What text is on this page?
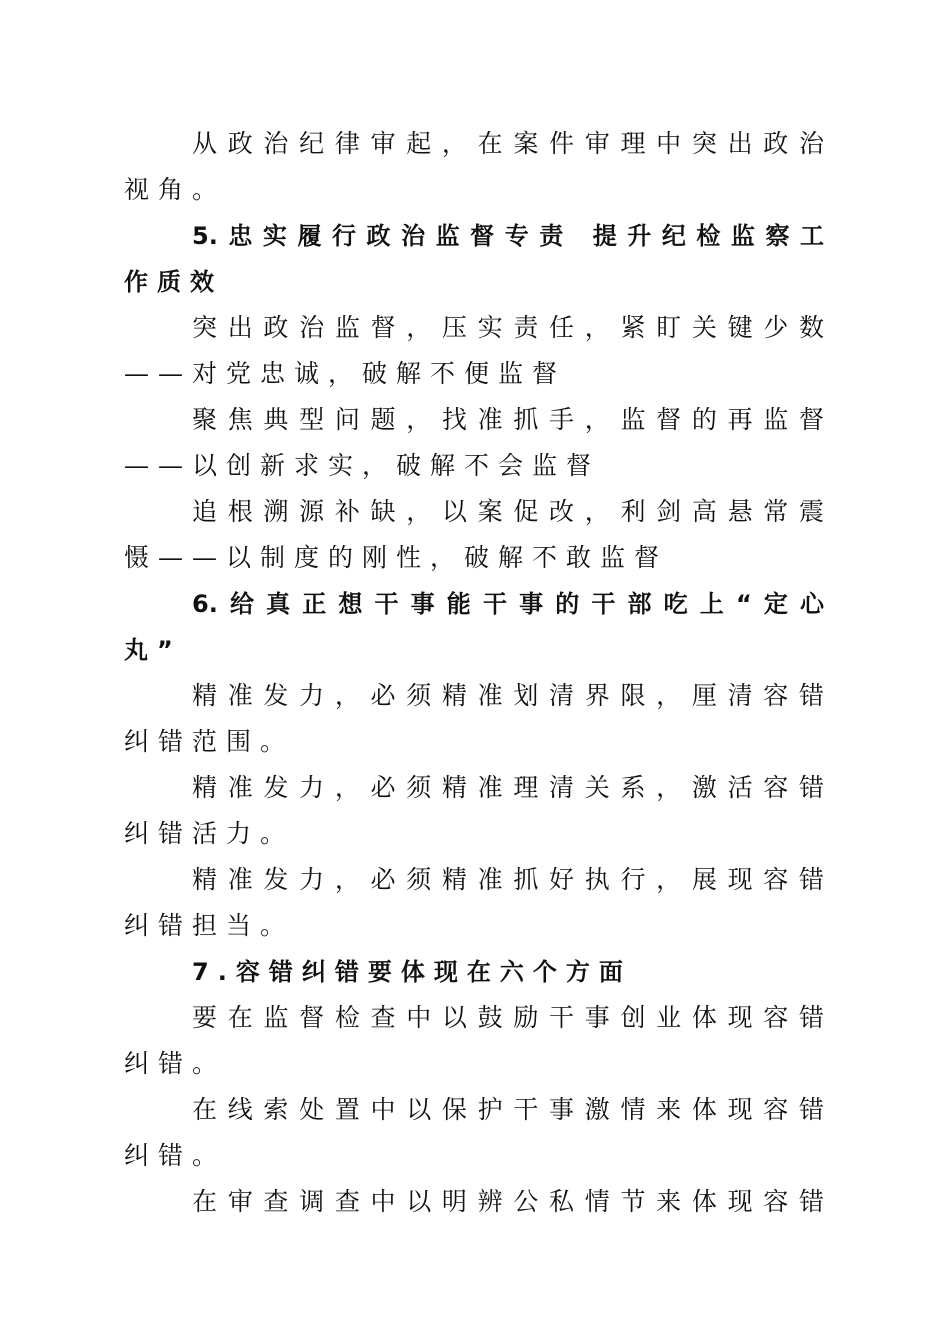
从​政​治​纪​律​审​起​，​在​案​件​审​理​中​突​出​政​治
视角。
5​.​忠​实​履​行​政​治​监​督​专​责​ ​提​升​纪​检​监​察​工
作质效
突​出​政​治​监​督​，​压​实​责​任​，​紧​盯​关​键​少​数
——对党忠诚，破解不便监督
聚​焦​典​型​问​题​，​找​准​抓​手​，​监​督​的​再​监​督
——以创新求实，破解不会监督
追​根​溯​源​补​缺​，​以​案​促​改​，​利​剑​高​悬​常​震
慑——以制度的刚性，破解不敢监督
6​.​给​真​正​想​干​事​能​干​事​的​干​部​吃​上​“​定​心
丸”
精​准​发​力​，​必​须​精​准​划​清​界​限​，​厘​清​容​错
纠错范围。
精​准​发​力​，​必​须​精​准​理​清​关​系​，​激​活​容​错
纠错活力。
精​准​发​力​，​必​须​精​准​抓​好​执​行​，​展​现​容​错
纠错担当。
7.容错纠错要体现在六个方面
要​在​监​督​检​查​中​以​鼓​励​干​事​创​业​体​现​容​错
纠错。
在​线​索​处​置​中​以​保​护​干​事​激​情​来​体​现​容​错
纠错。
在​审​查​调​查​中​以​明​辨​公​私​情​节​来​体​现​容​错
